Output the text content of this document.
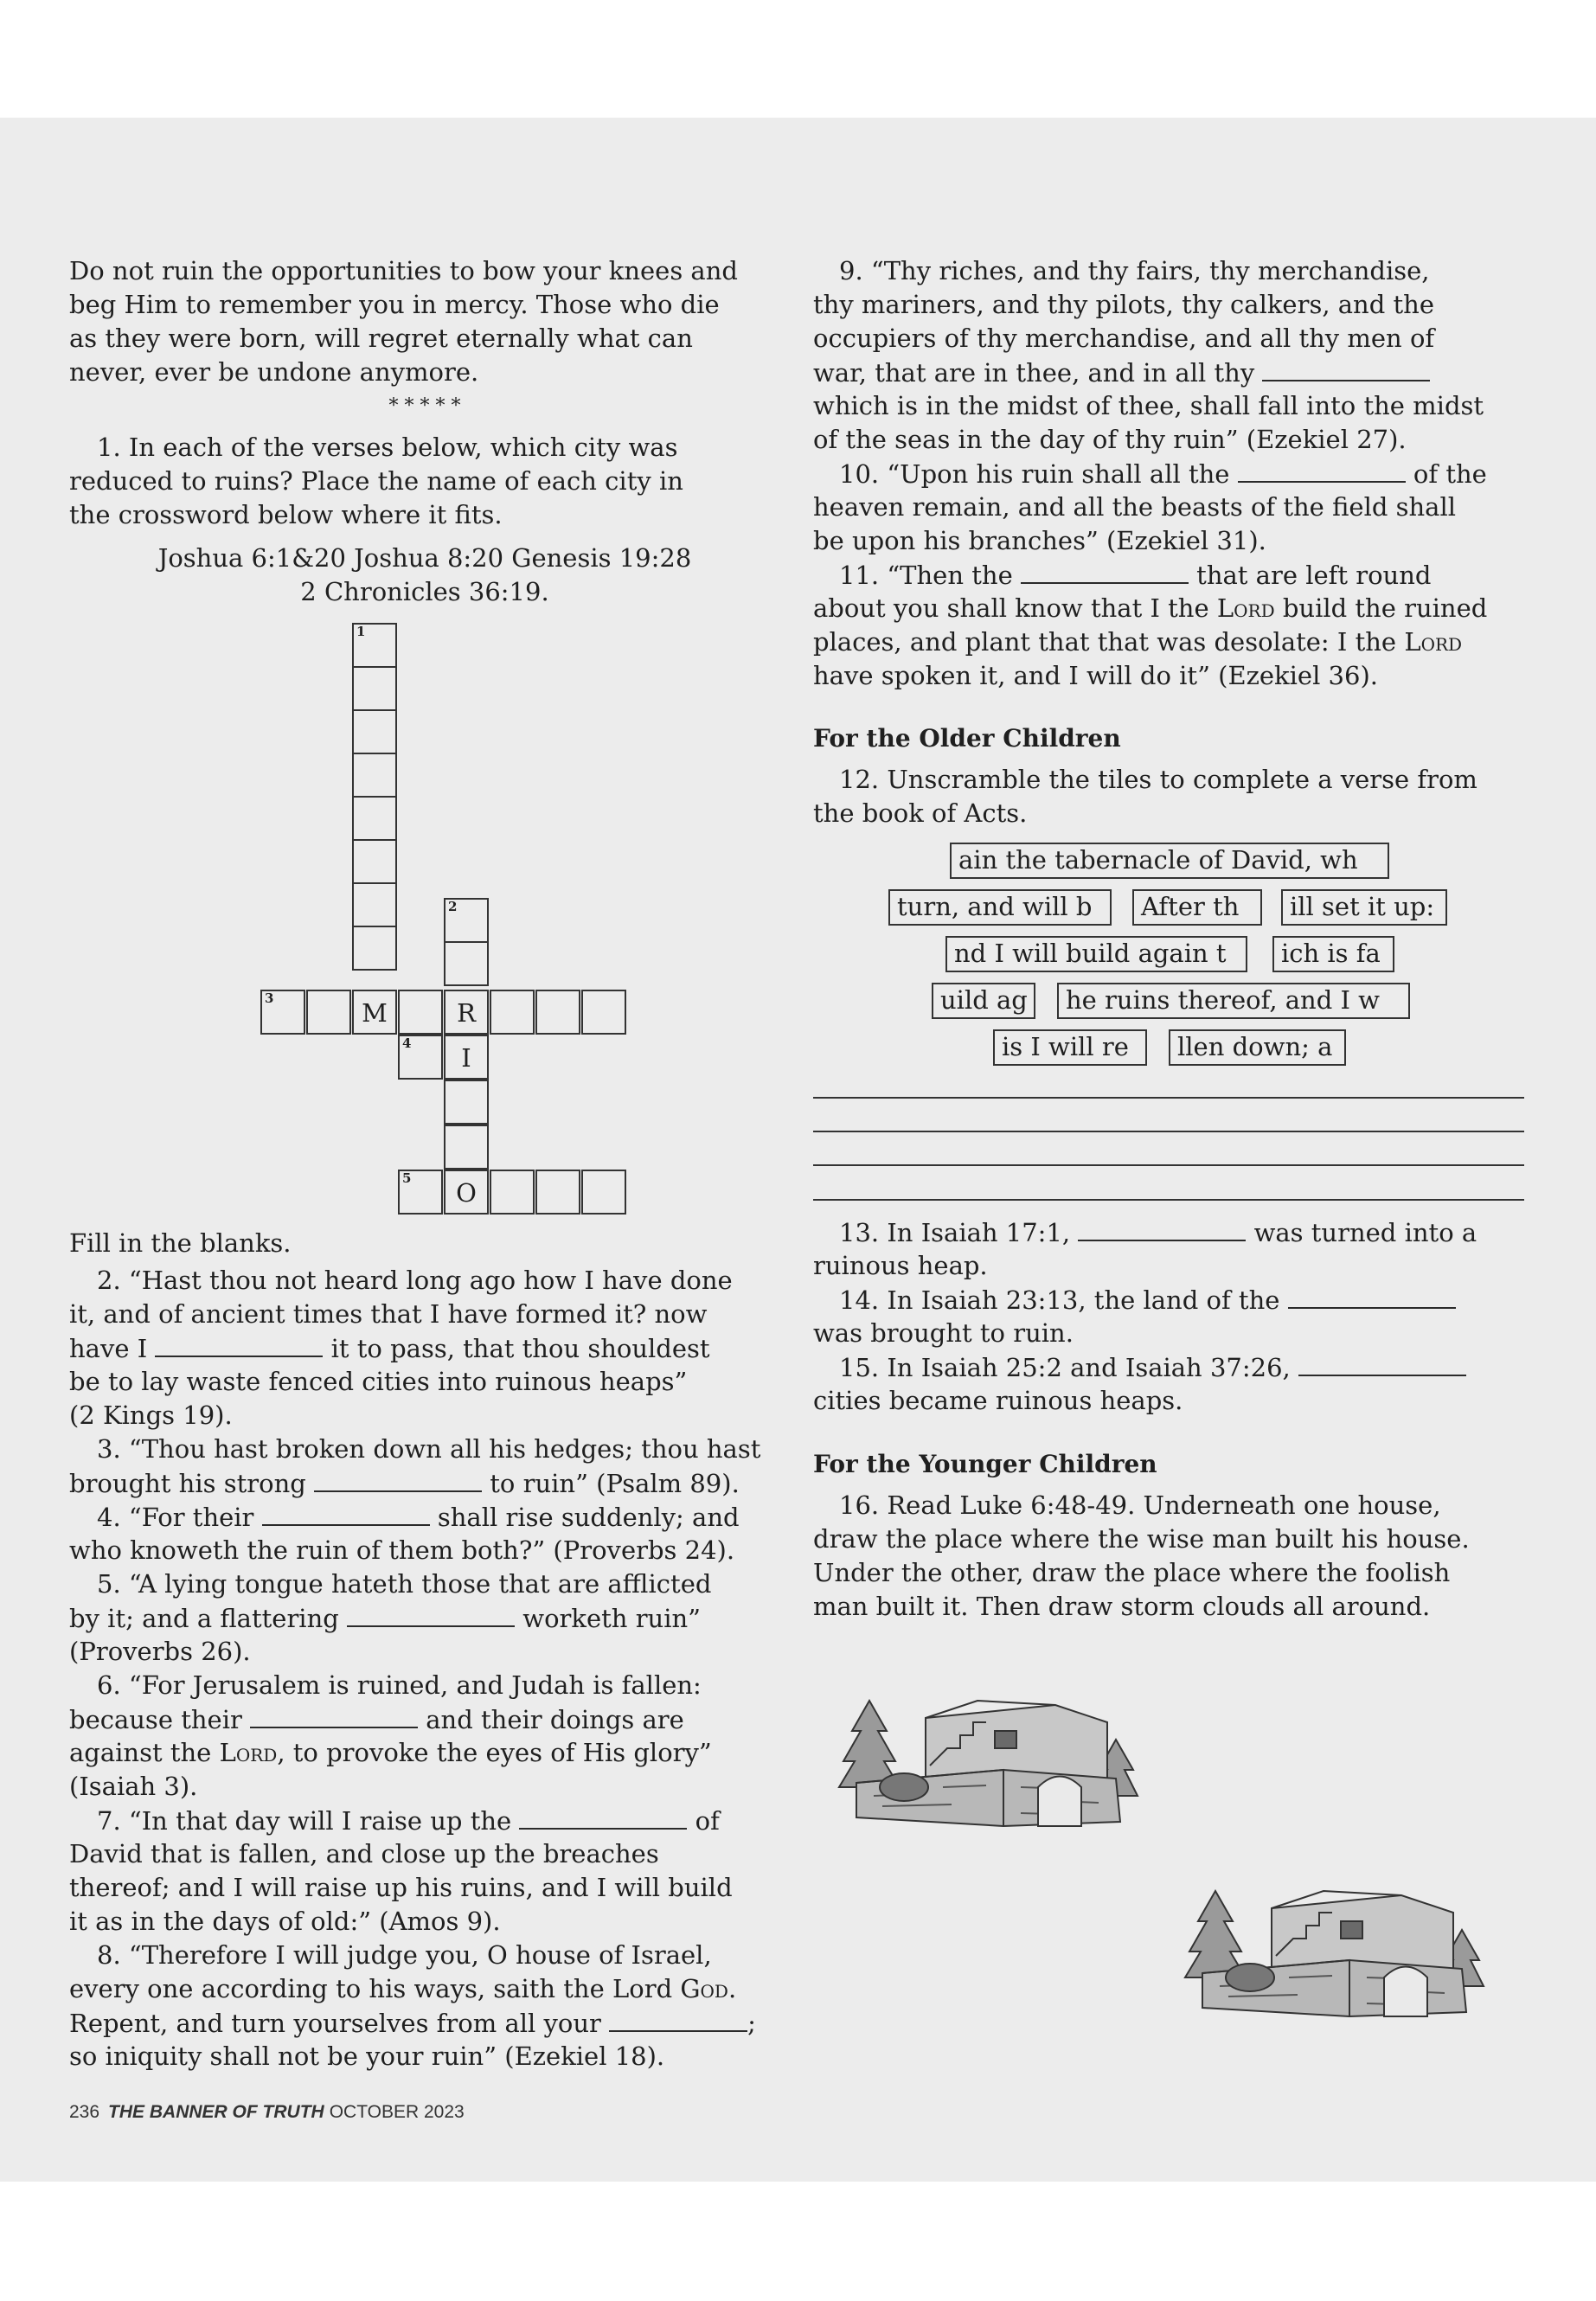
Do not ruin the opportunities to bow your knees and

beg Him to remember you in mercy. Those who die

as they were born, will regret eternally what can

never, ever be undone anymore.

* * * * *

1. In each of the verses below, which city was

reduced to ruins? Place the name of each city in

the crossword below where it fits.

Joshua 6:1&20 Joshua 8:20 Genesis 19:28

2 Chronicles 36:19.

1
2
3	M	R
4	I
5	O

Fill in the blanks.

2. “Hast thou not heard long ago how I have done

it, and of ancient times that I have formed it? now

have I	it to pass, that thou shouldest

be to lay waste fenced cities into ruinous heaps”

(2 Kings 19).

3. “Thou hast broken down all his hedges; thou hast

brought his strong	to ruin” (Psalm 89).

4. “For their	shall rise suddenly; and

who knoweth the ruin of them both?” (Proverbs 24).

5. “A lying tongue hateth those that are afflicted

by it; and a flattering	worketh ruin”

(Proverbs 26).

6. “For Jerusalem is ruined, and Judah is fallen:

because their	and their doings are

against the Lord, to provoke the eyes of His glory”

(Isaiah 3).

7. “In that day will I raise up the	of

David that is fallen, and close up the breaches

thereof; and I will raise up his ruins, and I will build

it as in the days of old:” (Amos 9).

8. “Therefore I will judge you, O house of Israel,

every one according to his ways, saith the Lord God.

Repent, and turn yourselves from all your	;

so iniquity shall not be your ruin” (Ezekiel 18).

9. “Thy riches, and thy fairs, thy merchandise,

thy mariners, and thy pilots, thy calkers, and the

occupiers of thy merchandise, and all thy men of

war, that are in thee, and in all thy

which is in the midst of thee, shall fall into the midst

of the seas in the day of thy ruin” (Ezekiel 27).

10. “Upon his ruin shall all the	of the

heaven remain, and all the beasts of the field shall

be upon his branches” (Ezekiel 31).

11. “Then the	that are left round

about you shall know that I the Lord build the ruined

places, and plant that that was desolate: I the Lord

have spoken it, and I will do it” (Ezekiel 36).

For the Older Children

12. Unscramble the tiles to complete a verse from

the book of Acts.

ain the tabernacle of David, wh
turn, and will b	After th	ill set it up:
nd I will build again t	ich is fa
uild ag	he ruins thereof, and I w
is I will re	llen down; a

13. In Isaiah 17:1,	was turned into a

ruinous heap.

14. In Isaiah 23:13, the land of the

was brought to ruin.

15. In Isaiah 25:2 and Isaiah 37:26,

cities became ruinous heaps.

For the Younger Children

16. Read Luke 6:48-49. Underneath one house,

draw the place where the wise man built his house.

Under the other, draw the place where the foolish

man built it. Then draw storm clouds all around.

236 THE BANNER OF TRUTH OCTOBER 2023
